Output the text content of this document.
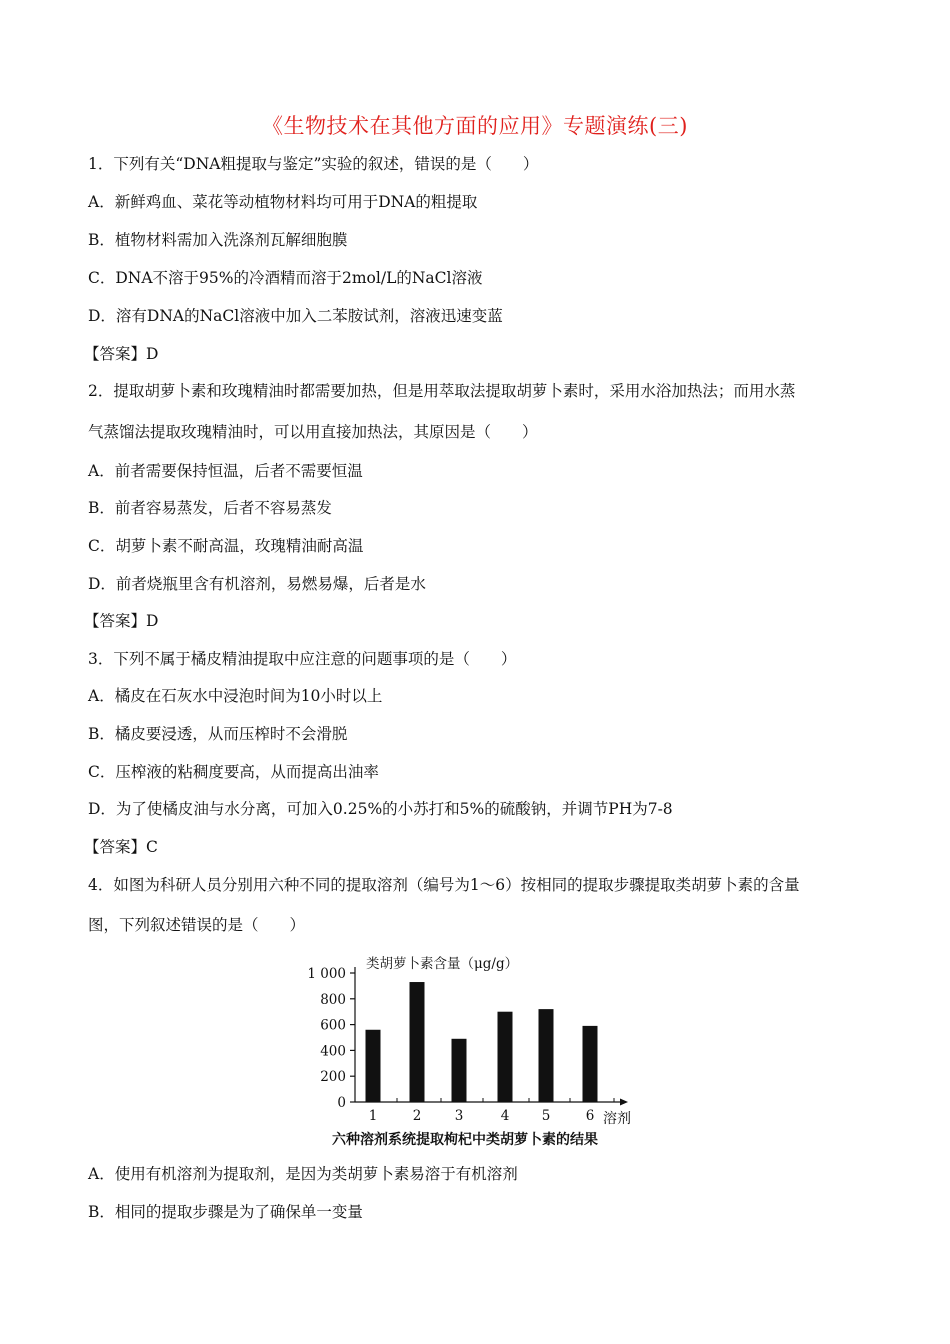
《生物技术在其他方面的应用》专题演练(三)
1．下列有关“DNA粗提取与鉴定”实验的叙述，错误的是（　　）
A．新鲜鸡血、菜花等动植物材料均可用于DNA的粗提取
B．植物材料需加入洗涤剂瓦解细胞膜
C．DNA不溶于95%的冷酒精而溶于2mol/L的NaCl溶液
D．溶有DNA的NaCl溶液中加入二苯胺试剂，溶液迅速变蓝
【答案】D
2．提取胡萝卜素和玫瑰精油时都需要加热，但是用萃取法提取胡萝卜素时，采用水浴加热法；而用水蒸
气蒸馏法提取玫瑰精油时，可以用直接加热法，其原因是（　　）
A．前者需要保持恒温，后者不需要恒温
B．前者容易蒸发，后者不容易蒸发
C．胡萝卜素不耐高温，玫瑰精油耐高温
D．前者烧瓶里含有机溶剂，易燃易爆，后者是水
【答案】D
3．下列不属于橘皮精油提取中应注意的问题事项的是（　　）
A．橘皮在石灰水中浸泡时间为10小时以上
B．橘皮要浸透，从而压榨时不会滑脱
C．压榨液的粘稠度要高，从而提高出油率
D．为了使橘皮油与水分离，可加入0.25%的小苏打和5%的硫酸钠，并调节PH为7-8
【答案】C
4．如图为科研人员分别用六种不同的提取溶剂（编号为1～6）按相同的提取步骤提取类胡萝卜素的含量
图，下列叙述错误的是（　　）
类胡萝卜素含量（μg/g）
0
200
400
600
800
1 000
1	2 3	4 5	6 溶剂
六种溶剂系统提取枸杞中类胡萝卜素的结果
A．使用有机溶剂为提取剂，是因为类胡萝卜素易溶于有机溶剂
B．相同的提取步骤是为了确保单一变量
